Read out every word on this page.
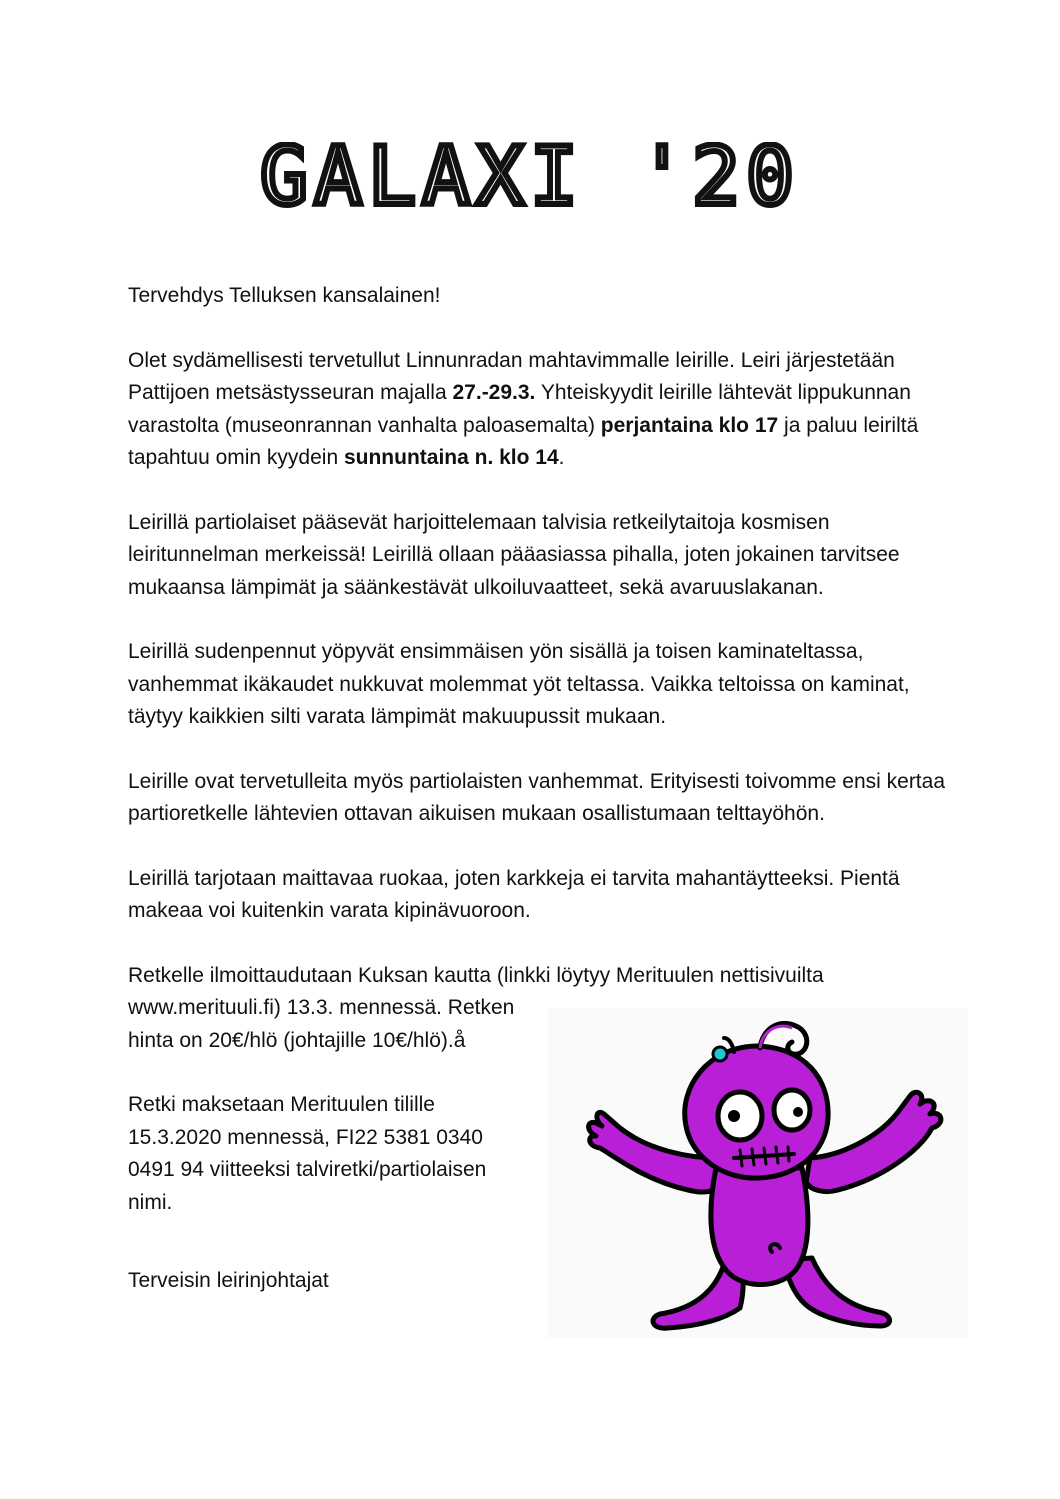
GALAXI '20

Tervehdys Telluksen kansalainen!

Olet sydämellisesti tervetullut Linnunradan mahtavimmalle leirille. Leiri järjestetään Pattijoen metsästysseuran majalla 27.-29.3. Yhteiskyydit leirille lähtevät lippukunnan varastolta (museonrannan vanhalta paloasemalta) perjantaina klo 17 ja paluu leiriltä tapahtuu omin kyydein sunnuntaina n. klo 14.

Leirillä partiolaiset pääsevät harjoittelemaan talvisia retkeilytaitoja kosmisen leiritunnelman merkeissä! Leirillä ollaan pääasiassa pihalla, joten jokainen tarvitsee mukaansa lämpimät ja säänkestävät ulkoiluvaatteet, sekä avaruuslakanan.

Leirillä sudenpennut yöpyvät ensimmäisen yön sisällä ja toisen kaminateltassa, vanhemmat ikäkaudet nukkuvat molemmat yöt teltassa. Vaikka teltoissa on kaminat, täytyy kaikkien silti varata lämpimät makuupussit mukaan.

Leirille ovat tervetulleita myös partiolaisten vanhemmat. Erityisesti toivomme ensi kertaa partioretkelle lähtevien ottavan aikuisen mukaan osallistumaan telttayöhön.

Leirillä tarjotaan maittavaa ruokaa, joten karkkeja ei tarvita mahantäytteeksi. Pientä makeaa voi kuitenkin varata kipinävuoroon.

Retkelle ilmoittaudutaan Kuksan kautta (linkki löytyy Merituulen nettisivuilta
www.merituuli.fi) 13.3. mennessä. Retken
hinta on 20€/hlö (johtajille 10€/hlö).å

Retki maksetaan Merituulen tilille
15.3.2020 mennessä, FI22 5381 0340
0491 94 viitteeksi talviretki/partiolaisen
nimi.

Terveisin leirinjohtajat
